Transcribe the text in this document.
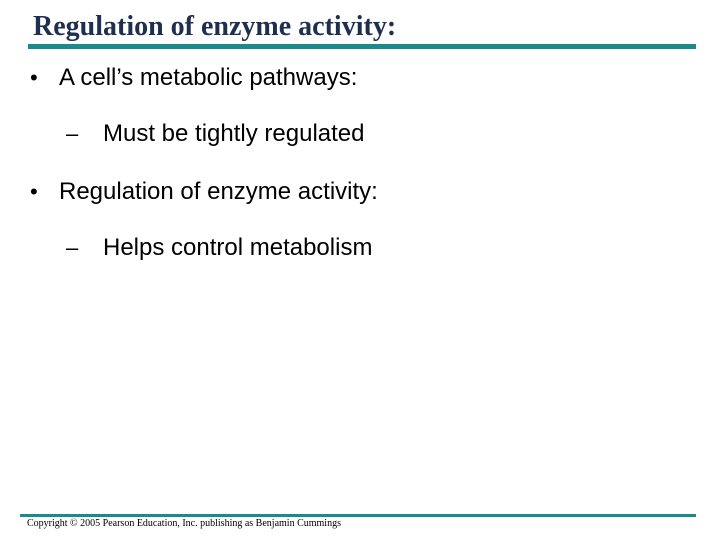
Regulation of enzyme activity:
• A cell’s metabolic pathways:
– Must be tightly regulated
• Regulation of enzyme activity:
– Helps control metabolism
Copyright © 2005 Pearson Education, Inc. publishing as Benjamin Cummings
